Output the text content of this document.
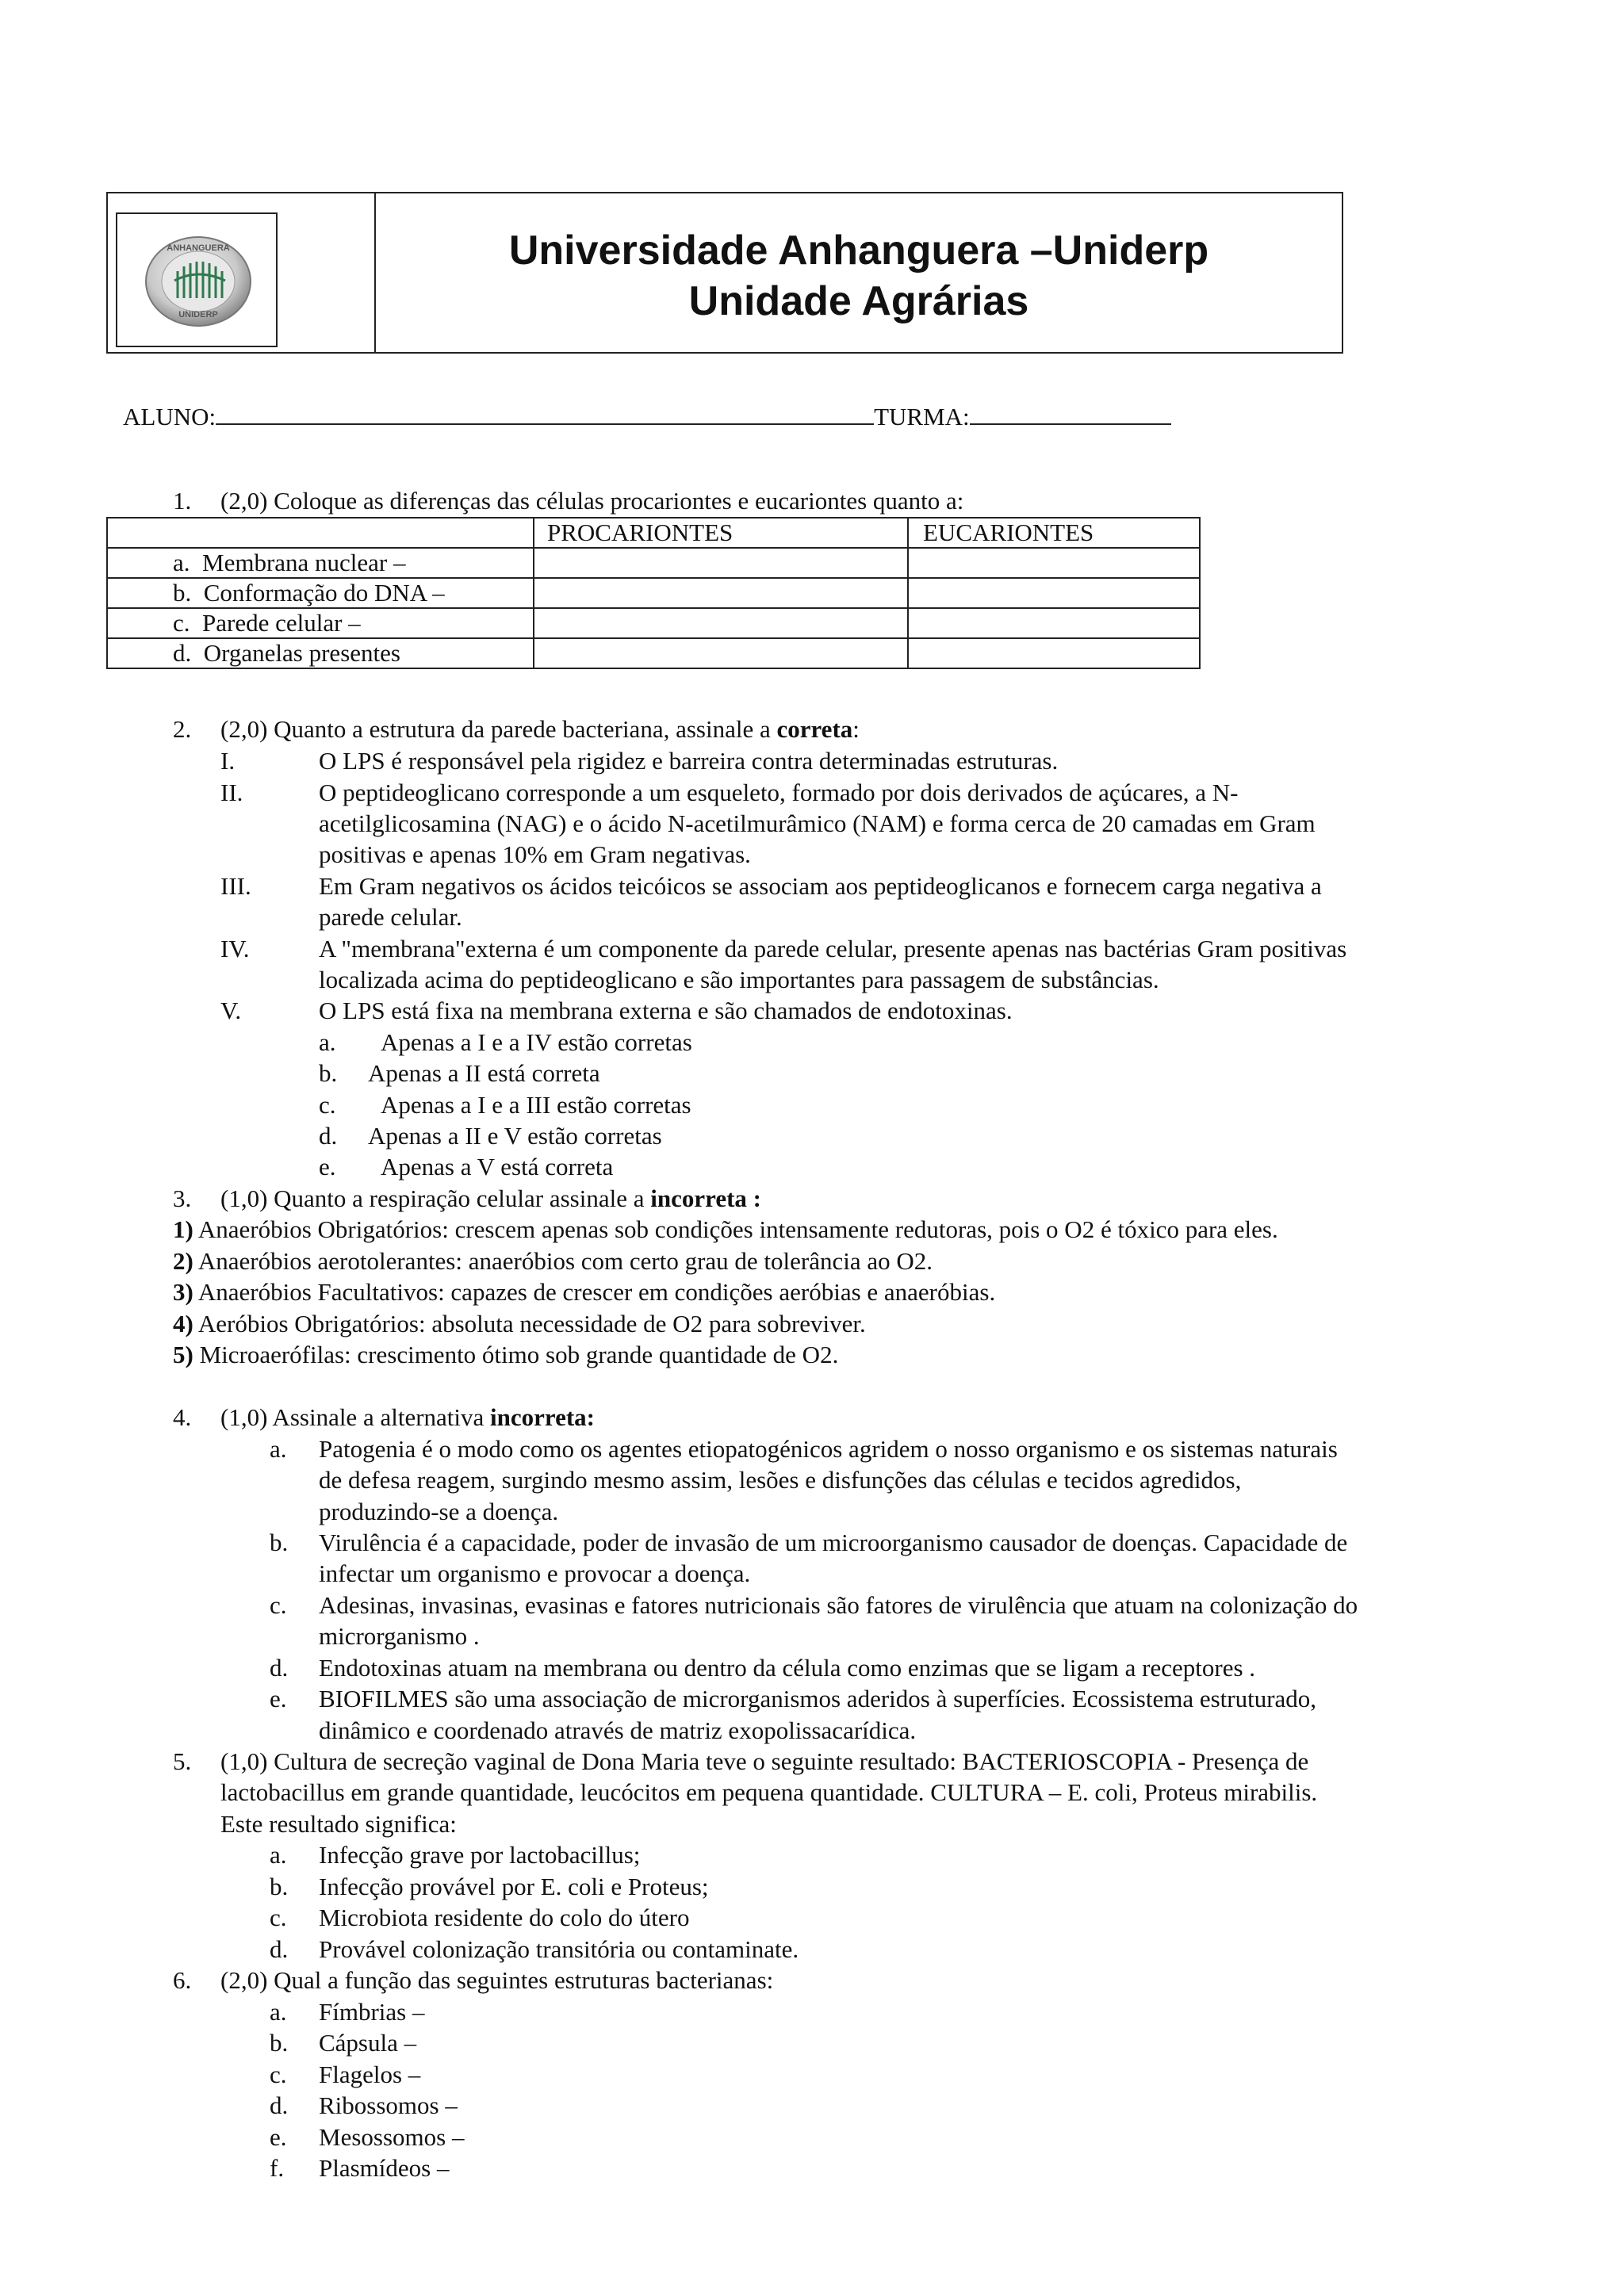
ANHANGUERA
UNIDERP
Universidade Anhanguera –Uniderp
Unidade Agrárias
ALUNO:	TURMA:
1. (2,0) Coloque as diferenças das células procariontes e eucariontes quanto a:
	PROCARIONTES	EUCARIONTES
a. Membrana nuclear –		
b. Conformação do DNA –		
c. Parede celular –		
d. Organelas presentes		
2. (2,0) Quanto a estrutura da parede bacteriana, assinale a correta:
I.	O LPS é responsável pela rigidez e barreira contra determinadas estruturas.
II.	O peptideoglicano corresponde a um esqueleto, formado por dois derivados de açúcares, a N-
acetilglicosamina (NAG) e o ácido N-acetilmurâmico (NAM) e forma cerca de 20 camadas em Gram
positivas e apenas 10% em Gram negativas.
III.	Em Gram negativos os ácidos teicóicos se associam aos peptideoglicanos e fornecem carga negativa a
parede celular.
IV.	A "membrana"externa é um componente da parede celular, presente apenas nas bactérias Gram positivas
localizada acima do peptideoglicano e são importantes para passagem de substâncias.
V.	O LPS está fixa na membrana externa e são chamados de endotoxinas.
a. Apenas a I e a IV estão corretas
b. Apenas a II está correta
c. Apenas a I e a III estão corretas
d. Apenas a II e V estão corretas
e. Apenas a V está correta
3. (1,0) Quanto a respiração celular assinale a incorreta :
1) Anaeróbios Obrigatórios: crescem apenas sob condições intensamente redutoras, pois o O2 é tóxico para eles.
2) Anaeróbios aerotolerantes: anaeróbios com certo grau de tolerância ao O2.
3) Anaeróbios Facultativos: capazes de crescer em condições aeróbias e anaeróbias.
4) Aeróbios Obrigatórios: absoluta necessidade de O2 para sobreviver.
5) Microaerófilas: crescimento ótimo sob grande quantidade de O2.
4. (1,0) Assinale a alternativa incorreta:
a. Patogenia é o modo como os agentes etiopatogénicos agridem o nosso organismo e os sistemas naturais
de defesa reagem, surgindo mesmo assim, lesões e disfunções das células e tecidos agredidos,
produzindo-se a doença.
b. Virulência é a capacidade, poder de invasão de um microorganismo causador de doenças. Capacidade de
infectar um organismo e provocar a doença.
c. Adesinas, invasinas, evasinas e fatores nutricionais são fatores de virulência que atuam na colonização do
microrganismo .
d. Endotoxinas atuam na membrana ou dentro da célula como enzimas que se ligam a receptores .
e. BIOFILMES são uma associação de microrganismos aderidos à superfícies. Ecossistema estruturado,
dinâmico e coordenado através de matriz exopolissacarídica.
5. (1,0) Cultura de secreção vaginal de Dona Maria teve o seguinte resultado: BACTERIOSCOPIA - Presença de
lactobacillus em grande quantidade, leucócitos em pequena quantidade. CULTURA – E. coli, Proteus mirabilis.
Este resultado significa:
a. Infecção grave por lactobacillus;
b. Infecção provável por E. coli e Proteus;
c. Microbiota residente do colo do útero
d. Provável colonização transitória ou contaminate.
6. (2,0) Qual a função das seguintes estruturas bacterianas:
a. Fímbrias –
b. Cápsula –
c. Flagelos –
d. Ribossomos –
e. Mesossomos –
f. Plasmídeos –
